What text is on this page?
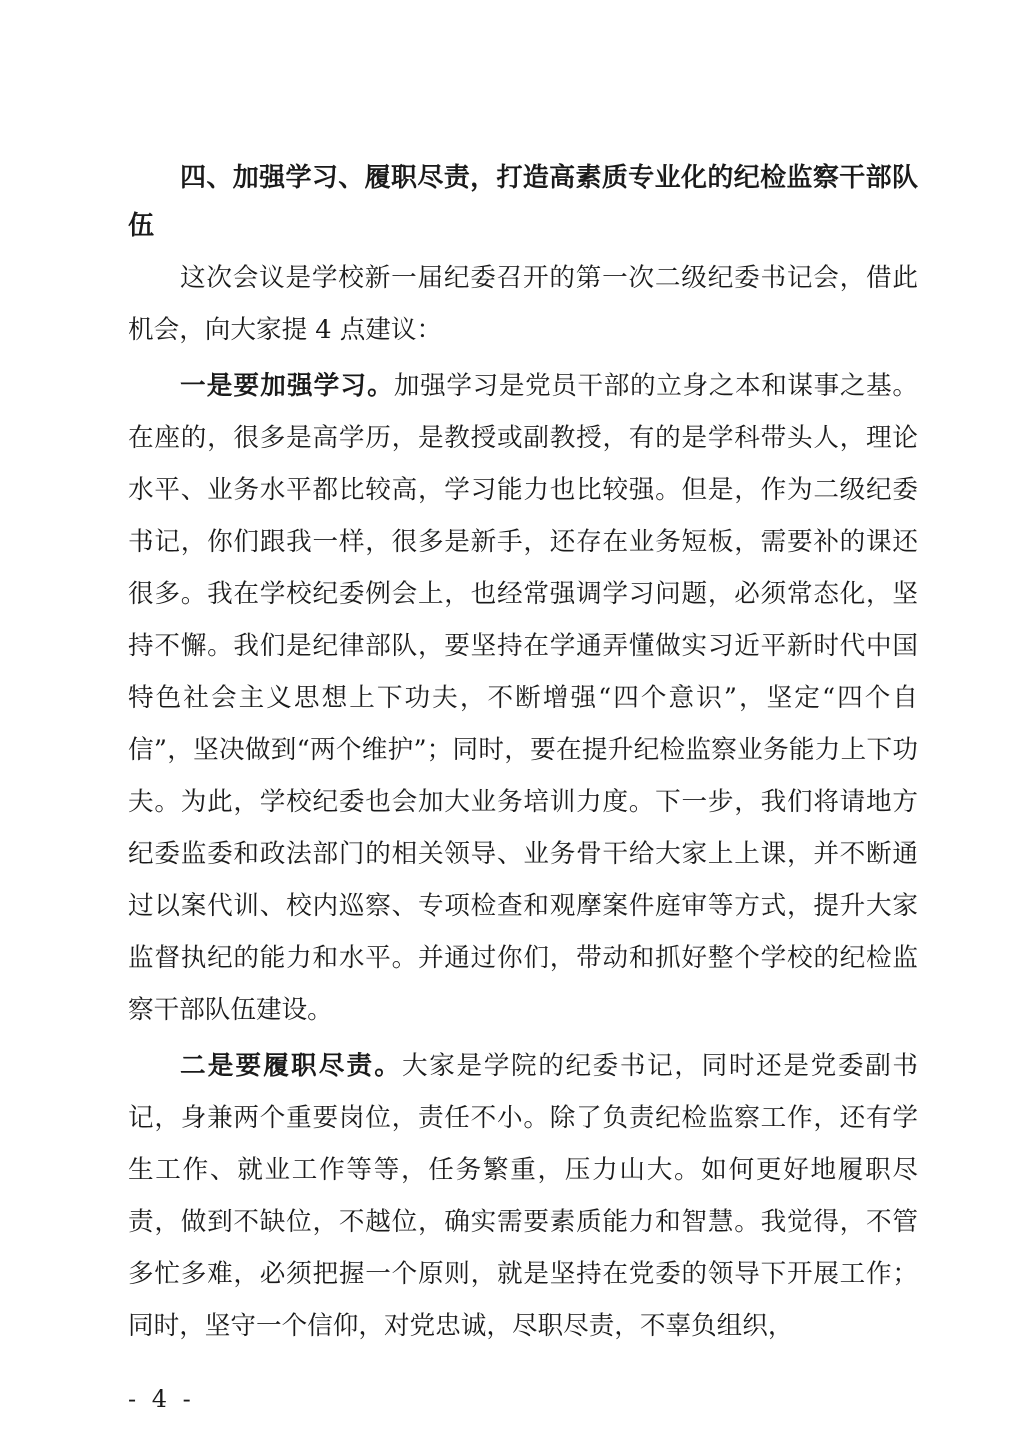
四、加强学习、履职尽责，打造高素质专业化的纪检监察干部队伍

这次会议是学校新一届纪委召开的第一次二级纪委书记会，借此机会，向大家提 4 点建议：

一是要加强学习。加强学习是党员干部的立身之本和谋事之基。在座的，很多是高学历，是教授或副教授，有的是学科带头人，理论水平、业务水平都比较高，学习能力也比较强。但是，作为二级纪委书记，你们跟我一样，很多是新手，还存在业务短板，需要补的课还很多。我在学校纪委例会上，也经常强调学习问题，必须常态化，坚持不懈。我们是纪律部队，要坚持在学通弄懂做实习近平新时代中国特色社会主义思想上下功夫，不断增强“四个意识”，坚定“四个自信”，坚决做到“两个维护”；同时，要在提升纪检监察业务能力上下功夫。为此，学校纪委也会加大业务培训力度。下一步，我们将请地方纪委监委和政法部门的相关领导、业务骨干给大家上上课，并不断通过以案代训、校内巡察、专项检查和观摩案件庭审等方式，提升大家监督执纪的能力和水平。并通过你们，带动和抓好整个学校的纪检监察干部队伍建设。

二是要履职尽责。大家是学院的纪委书记，同时还是党委副书记，身兼两个重要岗位，责任不小。除了负责纪检监察工作，还有学生工作、就业工作等等，任务繁重，压力山大。如何更好地履职尽责，做到不缺位，不越位，确实需要素质能力和智慧。我觉得，不管多忙多难，必须把握一个原则，就是坚持在党委的领导下开展工作；同时，坚守一个信仰，对党忠诚，尽职尽责，不辜负组织，

- 4 -
